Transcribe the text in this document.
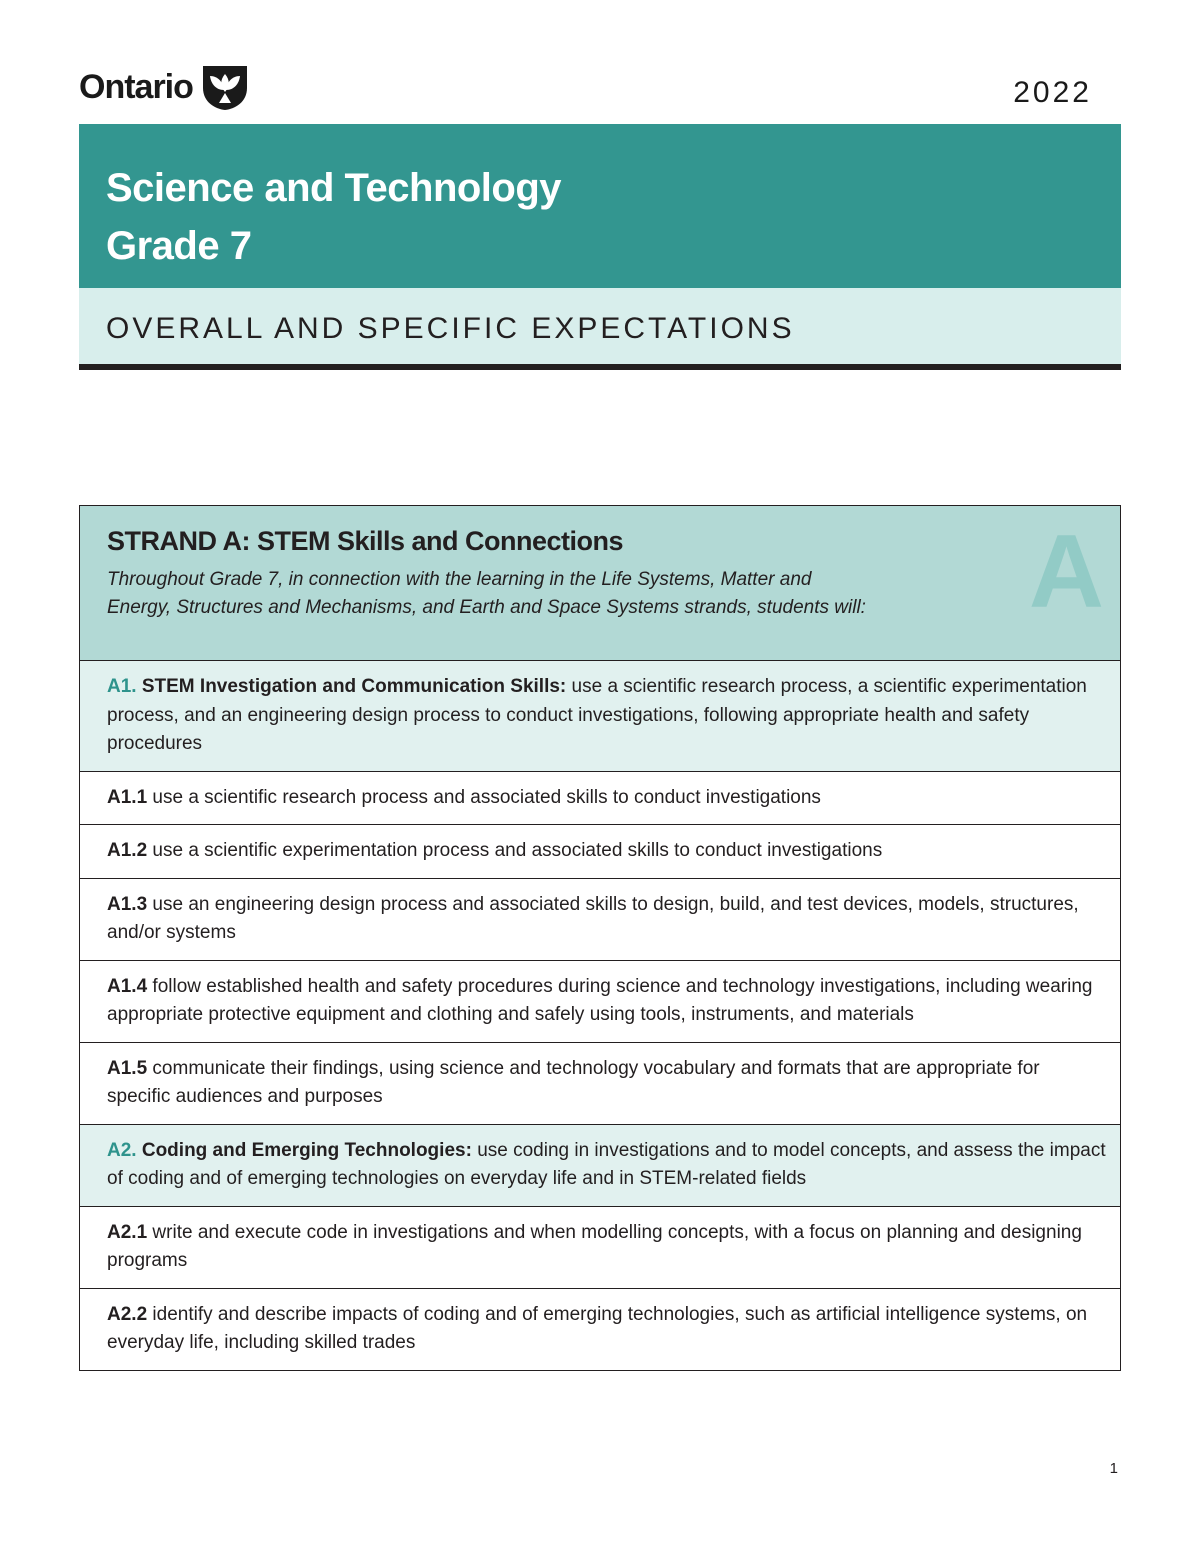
Ontario	2022
Science and Technology
Grade 7
OVERALL AND SPECIFIC EXPECTATIONS
STRAND A: STEM Skills and Connections
Throughout Grade 7, in connection with the learning in the Life Systems, Matter and Energy, Structures and Mechanisms, and Earth and Space Systems strands, students will: A
A1. STEM Investigation and Communication Skills: use a scientific research process, a scientific experimentation process, and an engineering design process to conduct investigations, following appropriate health and safety procedures
A1.1 use a scientific research process and associated skills to conduct investigations
A1.2 use a scientific experimentation process and associated skills to conduct investigations
A1.3 use an engineering design process and associated skills to design, build, and test devices, models, structures, and/or systems
A1.4 follow established health and safety procedures during science and technology investigations, including wearing appropriate protective equipment and clothing and safely using tools, instruments, and materials
A1.5 communicate their findings, using science and technology vocabulary and formats that are appropriate for specific audiences and purposes
A2. Coding and Emerging Technologies: use coding in investigations and to model concepts, and assess the impact of coding and of emerging technologies on everyday life and in STEM-related fields
A2.1 write and execute code in investigations and when modelling concepts, with a focus on planning and designing programs
A2.2 identify and describe impacts of coding and of emerging technologies, such as artificial intelligence systems, on everyday life, including skilled trades
1
